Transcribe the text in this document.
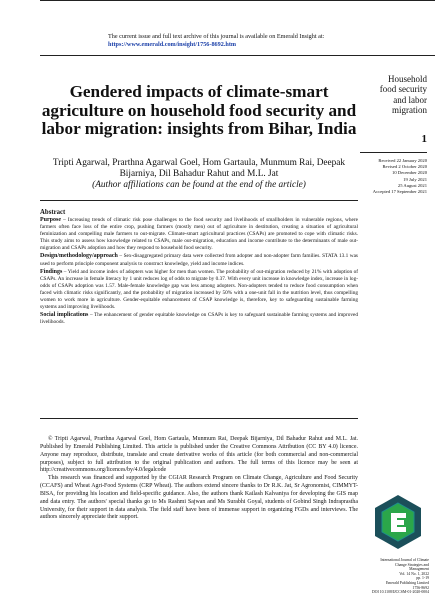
The current issue and full text archive of this journal is available on Emerald Insight at:
https://www.emerald.com/insight/1756-8692.htm
Gendered impacts of climate-smart agriculture on household food security and labor migration: insights from Bihar, India
Tripti Agarwal, Prarthna Agarwal Goel, Hom Gartaula, Munmum Rai, Deepak Bijarniya, Dil Bahadur Rahut and M.L. Jat
(Author affiliations can be found at the end of the article)
Household
food security
and labor
migration
1
Received 22 January 2020
Revised 2 October 2020
10 December 2020
19 July 2021
25 August 2021
Accepted 17 September 2021
Abstract

Purpose – Increasing trends of climatic risk pose challenges to the food security and livelihoods of smallholders in vulnerable regions, where farmers often face loss of the entire crop, pushing farmers (mostly men) out of agriculture in destitution, creating a situation of agricultural feminization and compelling male farmers to out-migrate. Climate-smart agricultural practices (CSAPs) are promoted to cope with climatic risks. This study aims to assess how knowledge related to CSAPs, male out-migration, education and income contribute to the determinants of male out-migration and CSAPs adoption and how they respond to household food security.

Design/methodology/approach – Sex-disaggregated primary data were collected from adopter and non-adopter farm families. STATA 13.1 was used to perform principle component analysis to construct knowledge, yield and income indices.

Findings – Yield and income index of adopters was higher for men than women. The probability of out-migration reduced by 21% with adoption of CSAPs. An increase in female literacy by 1 unit reduces log of odds to migrate by 0.37. With every unit increase in knowledge index, increase in log-odds of CSAPs adoption was 1.57. Male-female knowledge gap was less among adopters. Non-adopters tended to reduce food consumption when faced with climatic risks significantly, and the probability of migration increased by 50% with a one-unit fall in the nutrition level, thus compelling women to work more in agriculture. Gender-equitable enhancement of CSAP knowledge is, therefore, key to safeguarding sustainable farming systems and improving livelihoods.

Social implications – The enhancement of gender equitable knowledge on CSAPs is key to safeguard sustainable farming systems and improved livelihoods.

© Tripti Agarwal, Prarthna Agarwal Goel, Hom Gartaula, Munmum Rai, Deepak Bijarniya, Dil Bahadur Rahut and M.L. Jat. Published by Emerald Publishing Limited. This article is published under the Creative Commons Attribution (CC BY 4.0) licence. Anyone may reproduce, distribute, translate and create derivative works of this article (for both commercial and non-commercial purposes), subject to full attribution to the original publication and authors. The full terms of this licence may be seen at http://creativecommons.org/licences/by/4.0/legalcode

This research was financed and supported by the CGIAR Research Program on Climate Change, Agriculture and Food Security (CCAFS) and Wheat Agri-Food Systems (CRP Wheat). The authors extend sincere thanks to Dr R.K. Jat, Sr Agronomist, CIMMYT-BISA, for providing his location and field-specific guidance. Also, the authors thank Kailash Kalvaniya for developing the GIS map and data entry. The authors' special thanks go to Ms Rashmi Sajwan and Ms Surabhi Goyal, students of Gobind Singh Indraprastha University, for their support in data analysis. The field staff have been of immense support in organizing FGDs and interviews. The authors sincerely appreciate their support.

International Journal of Climate
Change Strategies and
Management
Vol. 14 No. 1, 2022
pp. 1-19
Emerald Publishing Limited
1756-8692
DOI 10.1108/IJCCSM-01-2020-0004
